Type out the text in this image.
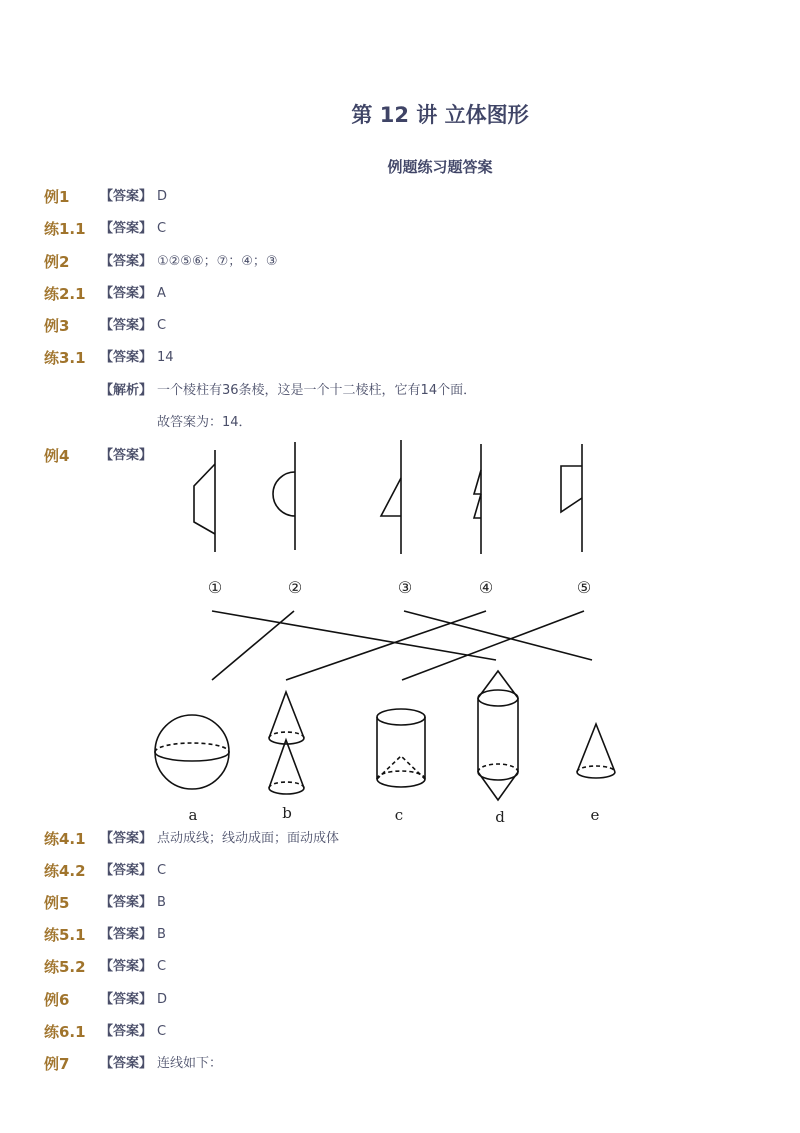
第 12 讲 立体图形
例题练习题答案
例1 【答案】 D
练1.1 【答案】 C
例2 【答案】 ①②⑤⑥；⑦；④；③
练2.1 【答案】 A
例3 【答案】 C
练3.1 【答案】 14
【解析】 一个棱柱有36条棱，这是一个十二棱柱，它有14个面．
故答案为：14．
例4 【答案】
①	②	③	④	⑤
a	b	c	d	e
练4.1 【答案】 点动成线；线动成面；面动成体
练4.2 【答案】 C
例5 【答案】 B
练5.1 【答案】 B
练5.2 【答案】 C
例6 【答案】 D
练6.1 【答案】 C
例7 【答案】 连线如下：
